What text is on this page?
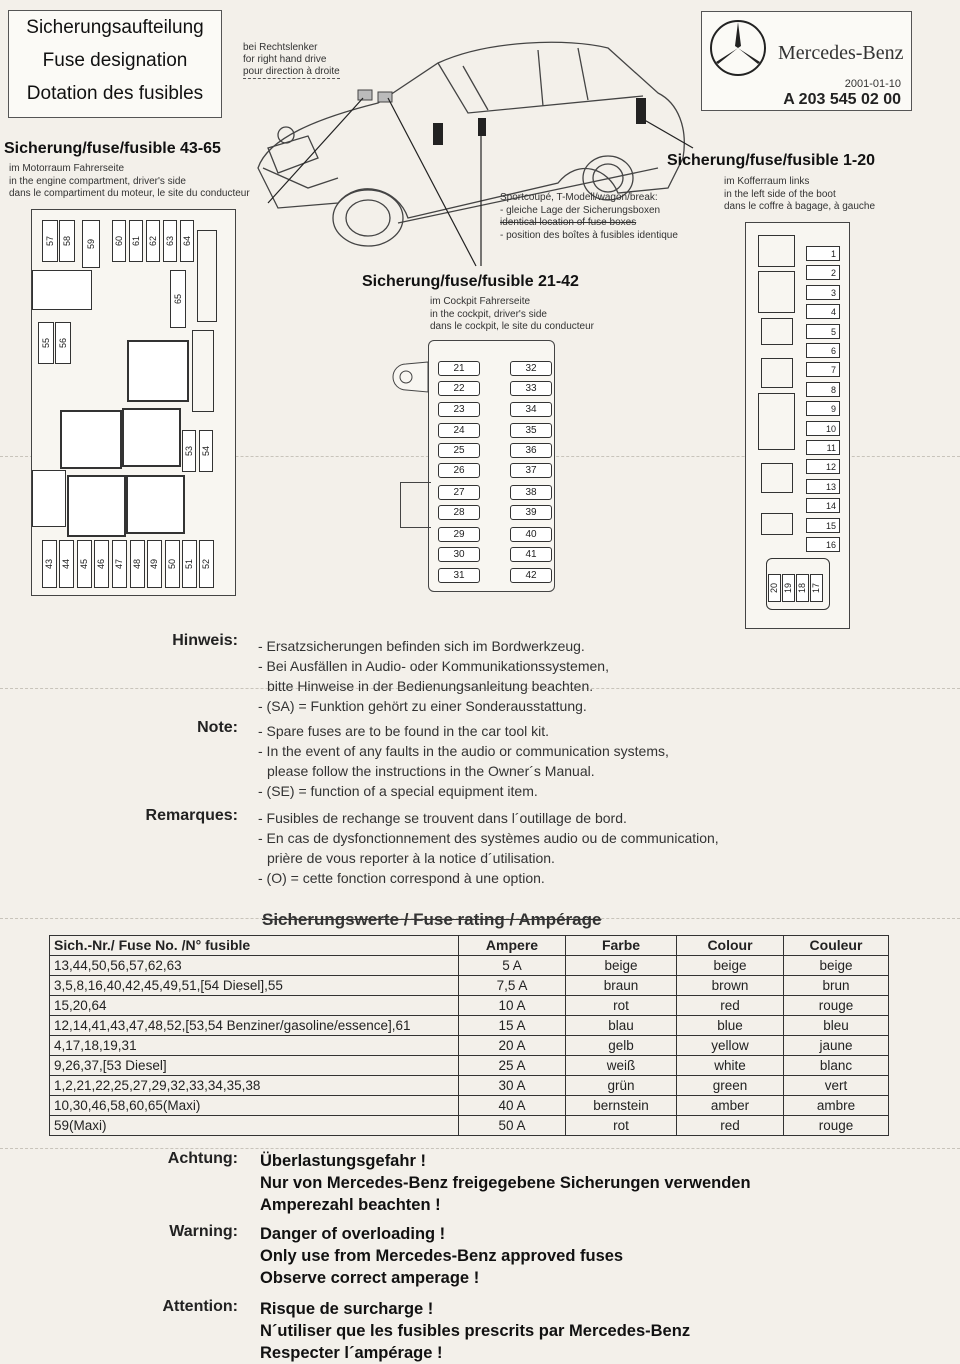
Sicherungsaufteilung
Fuse designation
Dotation des fusibles
Mercedes-Benz
2001-01-10
A 203 545 02 00
bei Rechtslenker
for right hand drive
pour direction à droite
Sicherung/fuse/fusible 43-65
im Motorraum Fahrerseite
in the engine compartment, driver's side
dans le compartiment du moteur, le site du conducteur
57 58 59 60 61 62 63 64
65
55 56
53 54
43 44 45 46 47 48 49 50 51 52
Sportcoupé, T-Modell/wagon/break:
- gleiche Lage der Sicherungsboxen
identical location of fuse boxes
- position des boîtes à fusibles identique
Sicherung/fuse/fusible 1-20
im Kofferraum links
in the left side of the boot
dans le coffre à bagage, à gauche
1
2
3
4
5
6
7
8
9
10
11
12
13
14
15
16
20 19 18 17
Sicherung/fuse/fusible 21-42
im Cockpit Fahrerseite
in the cockpit, driver's side
dans le cockpit, le site du conducteur
21
22
23
24
25
26
27
28
29
30
31
32
33
34
35
36
37
38
39
40
41
42
Hinweis: - Ersatzsicherungen befinden sich im Bordwerkzeug.
- Bei Ausfällen in Audio- oder Kommunikationssystemen,
bitte Hinweise in der Bedienungsanleitung beachten.
- (SA) = Funktion gehört zu einer Sonderausstattung.
Note: - Spare fuses are to be found in the car tool kit.
- In the event of any faults in the audio or communication systems,
please follow the instructions in the Owner´s Manual.
- (SE) = function of a special equipment item.
Remarques: - Fusibles de rechange se trouvent dans l´outillage de bord.
- En cas de dysfonctionnement des systèmes audio ou de communication,
prière de vous reporter à la notice d´utilisation.
- (O) = cette fonction correspond à une option.
Sicherungswerte / Fuse rating / Ampérage
Sich.-Nr./ Fuse No. /N° fusible	Ampere	Farbe	Colour	Couleur
13,44,50,56,57,62,63	5 A	beige	beige	beige
3,5,8,16,40,42,45,49,51,[54 Diesel],55	7,5 A	braun	brown	brun
15,20,64	10 A	rot	red	rouge
12,14,41,43,47,48,52,[53,54 Benziner/gasoline/essence],61	15 A	blau	blue	bleu
4,17,18,19,31	20 A	gelb	yellow	jaune
9,26,37,[53 Diesel]	25 A	weiß	white	blanc
1,2,21,22,25,27,29,32,33,34,35,38	30 A	grün	green	vert
10,30,46,58,60,65(Maxi)	40 A	bernstein	amber	ambre
59(Maxi)	50 A	rot	red	rouge
Achtung: Überlastungsgefahr !
Nur von Mercedes-Benz freigegebene Sicherungen verwenden
Amperezahl beachten !
Warning: Danger of overloading !
Only use from Mercedes-Benz approved fuses
Observe correct amperage !
Attention: Risque de surcharge !
N´utiliser que les fusibles prescrits par Mercedes-Benz
Respecter l´ampérage !
